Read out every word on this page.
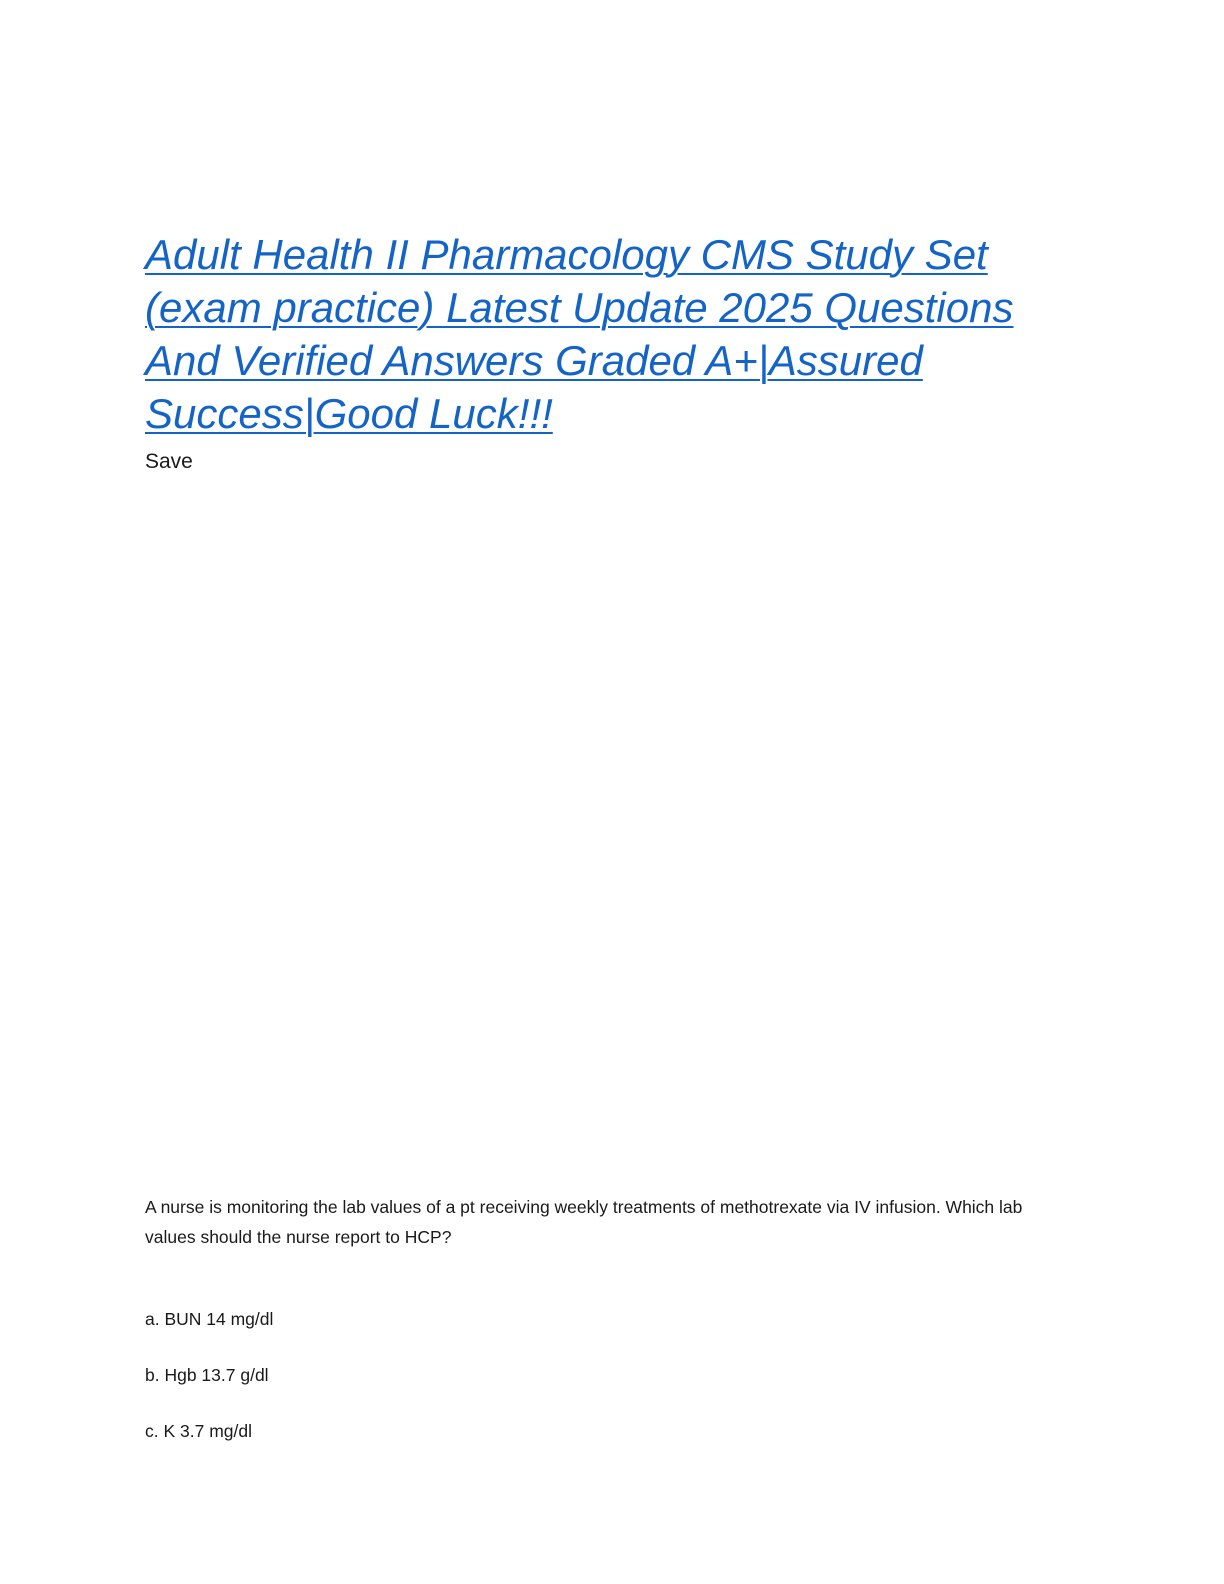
Adult Health II Pharmacology CMS Study Set (exam practice) Latest Update 2025 Questions And Verified Answers Graded A+|Assured Success|Good Luck!!!
Save
A nurse is monitoring the lab values of a pt receiving weekly treatments of methotrexate via IV infusion. Which lab values should the nurse report to HCP?
a. BUN 14 mg/dl
b. Hgb 13.7 g/dl
c. K 3.7 mg/dl
